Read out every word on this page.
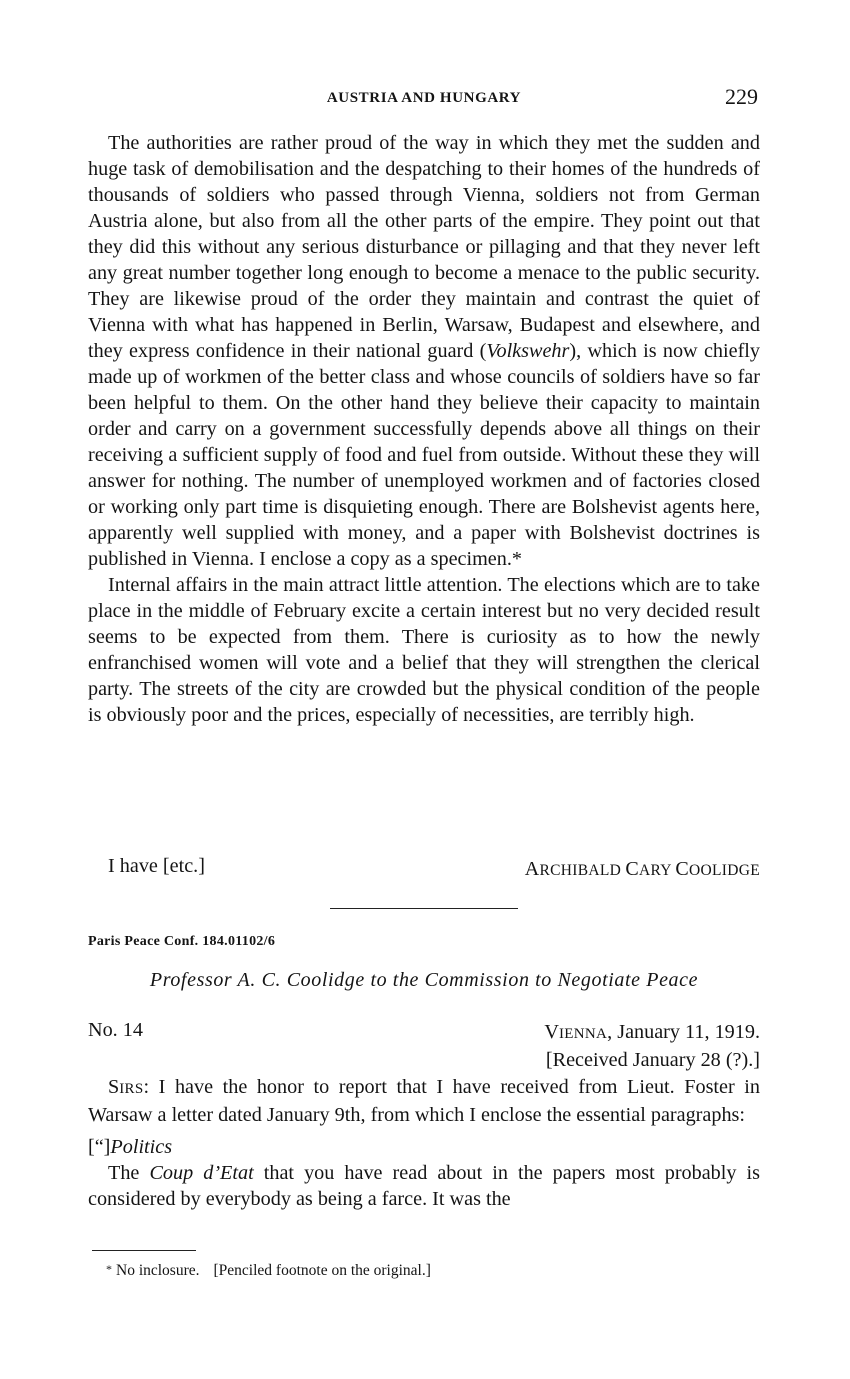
AUSTRIA AND HUNGARY	229

The authorities are rather proud of the way in which they met the sudden and huge task of demobilisation and the despatching to their homes of the hundreds of thousands of soldiers who passed through Vienna, soldiers not from German Austria alone, but also from all the other parts of the empire. They point out that they did this without any serious disturbance or pillaging and that they never left any great number together long enough to become a menace to the public security. They are likewise proud of the order they maintain and contrast the quiet of Vienna with what has happened in Berlin, Warsaw, Budapest and elsewhere, and they express confidence in their national guard (Volkswehr), which is now chiefly made up of workmen of the better class and whose councils of soldiers have so far been helpful to them. On the other hand they believe their capacity to maintain order and carry on a government successfully depends above all things on their receiving a sufficient supply of food and fuel from outside. Without these they will answer for nothing. The number of unemployed workmen and of factories closed or working only part time is disquieting enough. There are Bolshevist agents here, apparently well supplied with money, and a paper with Bolshevist doctrines is published in Vienna. I enclose a copy as a specimen.*

Internal affairs in the main attract little attention. The elections which are to take place in the middle of February excite a certain interest but no very decided result seems to be expected from them. There is curiosity as to how the newly enfranchised women will vote and a belief that they will strengthen the clerical party. The streets of the city are crowded but the physical condition of the people is obviously poor and the prices, especially of necessities, are terribly high.

I have [etc.]	ARCHIBALD CARY COOLIDGE
Paris Peace Conf. 184.01102/6
Professor A. C. Coolidge to the Commission to Negotiate Peace
No. 14	VIENNA, January 11, 1919.
[Received January 28 (?).]

SIRS: I have the honor to report that I have received from Lieut. Foster in Warsaw a letter dated January 9th, from which I enclose the essential paragraphs:

[“]Politics

The Coup d’Etat that you have read about in the papers most probably is considered by everybody as being a farce. It was the

* No inclosure. [Penciled footnote on the original.]
